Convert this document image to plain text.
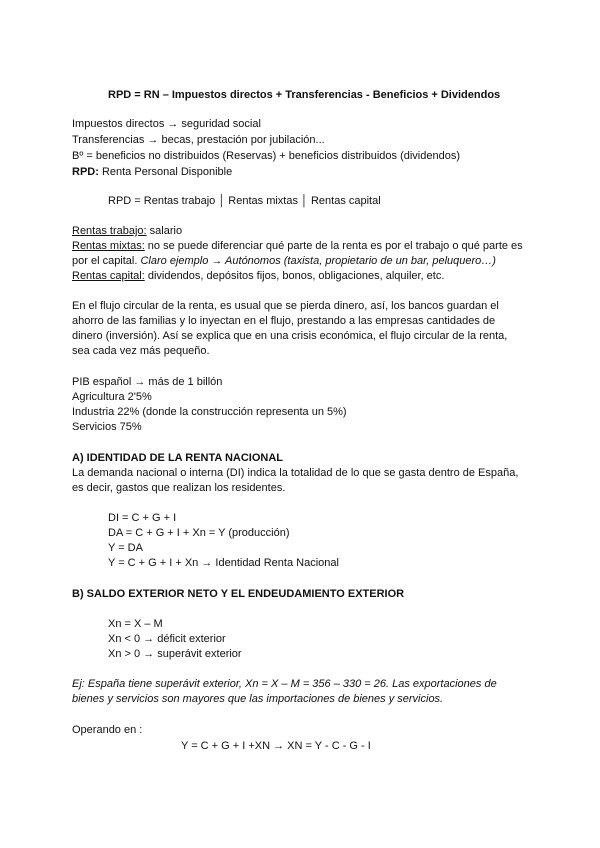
RPD = RN – Impuestos directos + Transferencias - Beneficios + Dividendos
Impuestos directos → seguridad social
Transferencias → becas, prestación por jubilación...
Bº = beneficios no distribuidos (Reservas) + beneficios distribuidos (dividendos)
RPD: Renta Personal Disponible
RPD = Rentas trabajo │ Rentas mixtas │ Rentas capital
Rentas trabajo: salario
Rentas mixtas: no se puede diferenciar qué parte de la renta es por el trabajo o qué parte es
por el capital. Claro ejemplo → Autónomos (taxista, propietario de un bar, peluquero…)
Rentas capital: dividendos, depósitos fijos, bonos, obligaciones, alquiler, etc.
En el flujo circular de la renta, es usual que se pierda dinero, así, los bancos guardan el
ahorro de las familias y lo inyectan en el flujo, prestando a las empresas cantidades de
dinero (inversión). Así se explica que en una crisis económica, el flujo circular de la renta,
sea cada vez más pequeño.
PIB español → más de 1 billón
Agricultura 2'5%
Industria 22% (donde la construcción representa un 5%)
Servicios 75%
A) IDENTIDAD DE LA RENTA NACIONAL
La demanda nacional o interna (DI) indica la totalidad de lo que se gasta dentro de España,
es decir, gastos que realizan los residentes.
DI = C + G + I
DA = C + G + I + Xn = Y (producción)
Y = DA
Y = C + G + I + Xn → Identidad Renta Nacional
B) SALDO EXTERIOR NETO Y EL ENDEUDAMIENTO EXTERIOR
Xn = X – M
Xn < 0 → déficit exterior
Xn > 0 → superávit exterior
Ej: España tiene superávit exterior, Xn = X – M = 356 – 330 = 26. Las exportaciones de
bienes y servicios son mayores que las importaciones de bienes y servicios.
Operando en :
Y = C + G + I +XN → XN = Y - C - G - I
